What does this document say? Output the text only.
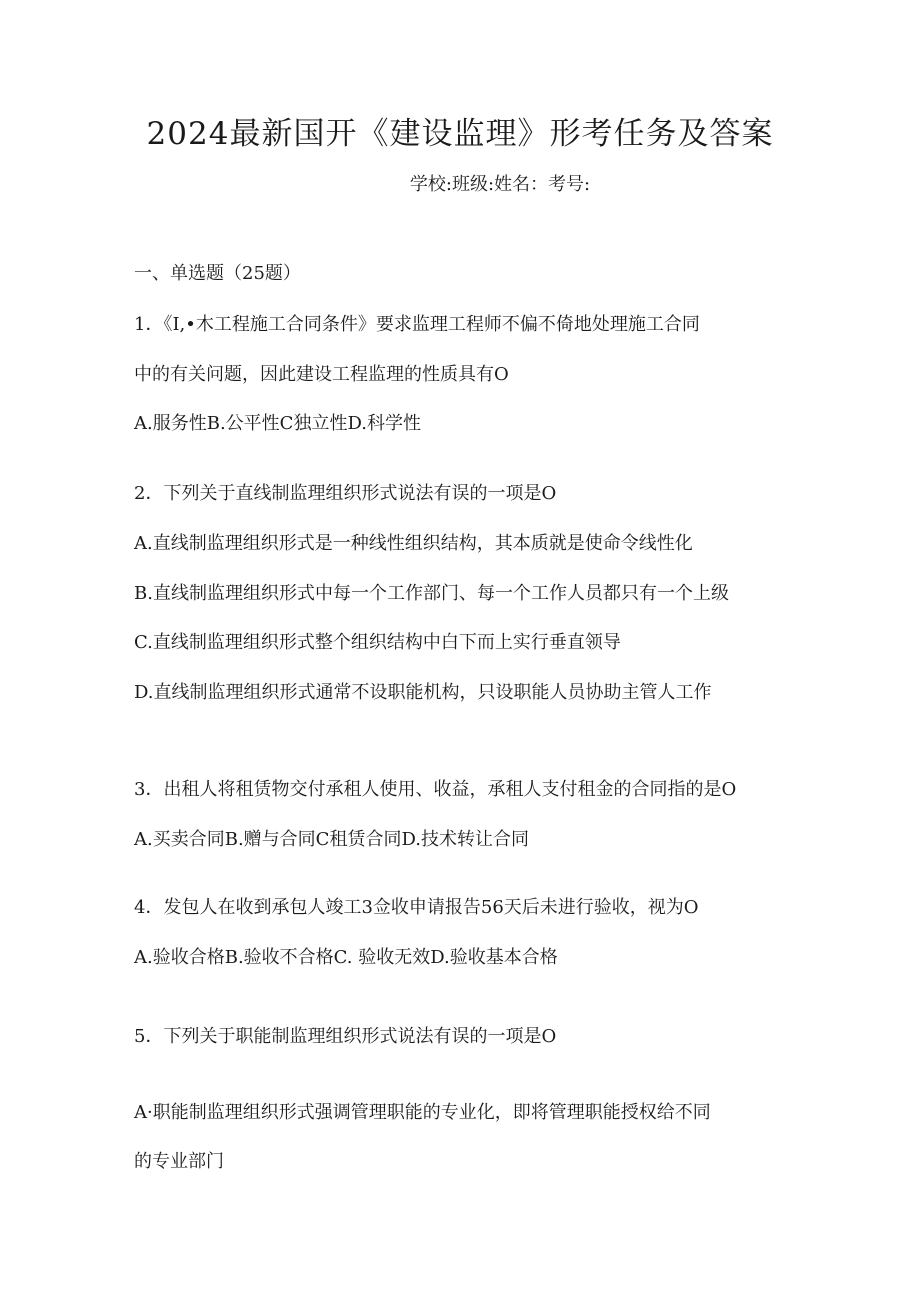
2024最新国开《建设监理》形考任务及答案
学校:班级:姓名：考号:
一、单选题（25题）
1．《I,•木工程施工合同条件》要求监理工程师不偏不倚地处理施工合同
中的有关问题，因此建设工程监理的性质具有O
A.服务性B.公平性C独立性D.科学性
2．下列关于直线制监理组织形式说法有误的一项是O
A.直线制监理组织形式是一种线性组织结构，其本质就是使命令线性化
B.直线制监理组织形式中每一个工作部门、每一个工作人员都只有一个上级
C.直线制监理组织形式整个组织结构中白下而上实行垂直领导
D.直线制监理组织形式通常不设职能机构，只设职能人员协助主管人工作
3．出租人将租赁物交付承租人使用、收益，承租人支付租金的合同指的是O
A.买卖合同B.赠与合同C租赁合同D.技术转让合同
4．发包人在收到承包人竣工3佥收申请报告56天后未进行验收，视为O
A.验收合格B.验收不合格C. 验收无效D.验收基本合格
5．下列关于职能制监理组织形式说法有误的一项是O
A·职能制监理组织形式强调管理职能的专业化，即将管理职能授权给不同
的专业部门
